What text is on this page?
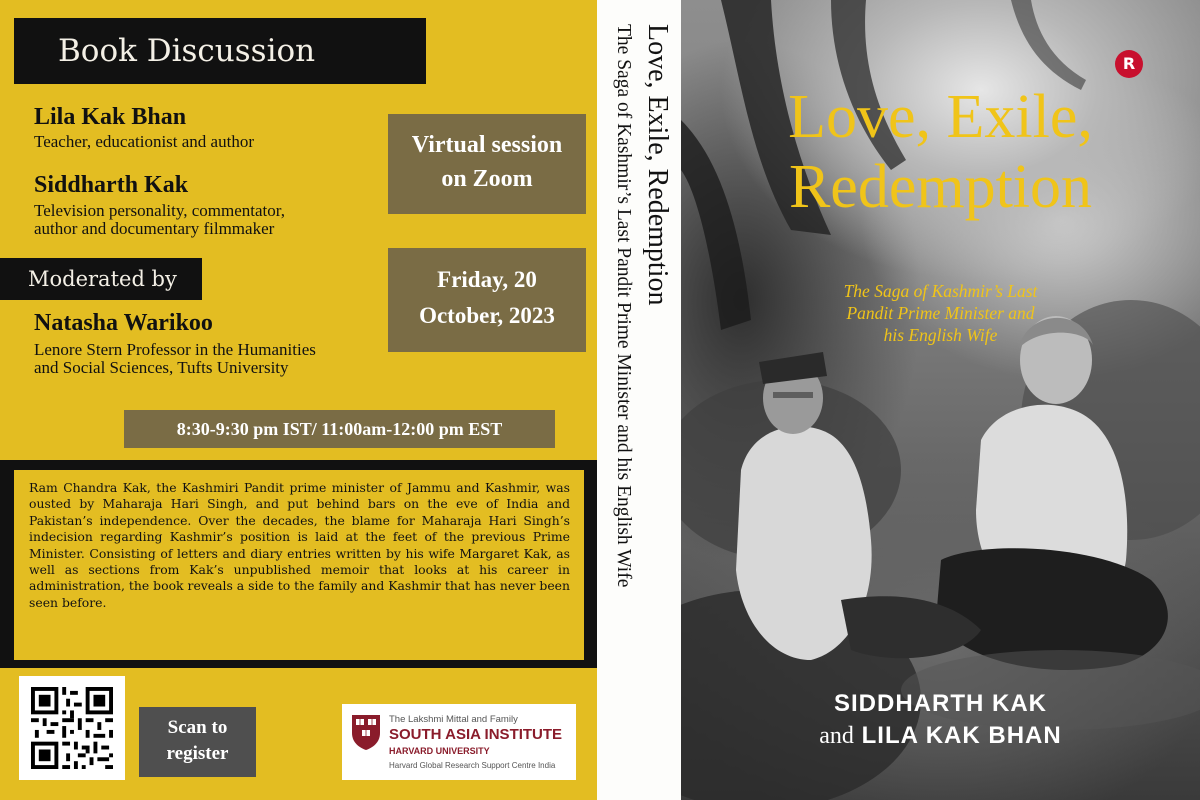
Book Discussion
Lila Kak Bhan
Teacher, educationist and author
Siddharth Kak
Television personality, commentator,
author and documentary filmmaker
Moderated by
Natasha Warikoo
Lenore Stern Professor in the Humanities
and Social Sciences, Tufts University
Virtual session
on Zoom
Friday, 20
October, 2023
8:30-9:30 pm IST/ 11:00am-12:00 pm EST
Ram Chandra Kak, the Kashmiri Pandit prime minister of Jammu and Kashmir, was ousted by Maharaja Hari Singh, and put behind bars on the eve of India and Pakistan’s independence. Over the decades, the blame for Maharaja Hari Singh’s indecision regarding Kashmir’s position is laid at the feet of the previous Prime Minister. Consisting of letters and diary entries written by his wife Margaret Kak, as well as sections from Kak’s unpublished memoir that looks at his career in administration, the book reveals a side to the family and Kashmir that has never been seen before.
Scan to
register
The Lakshmi Mittal and Family
SOUTH ASIA INSTITUTE
HARVARD UNIVERSITY
Harvard Global Research Support Centre India
Love, Exile, Redemption
The Saga of Kashmir’s Last Pandit Prime Minister and his English Wife	R
Love, Exile,
Redemption
The Saga of Kashmir’s Last
Pandit Prime Minister and
his English Wife
SIDDHARTH KAK
and LILA KAK BHAN
